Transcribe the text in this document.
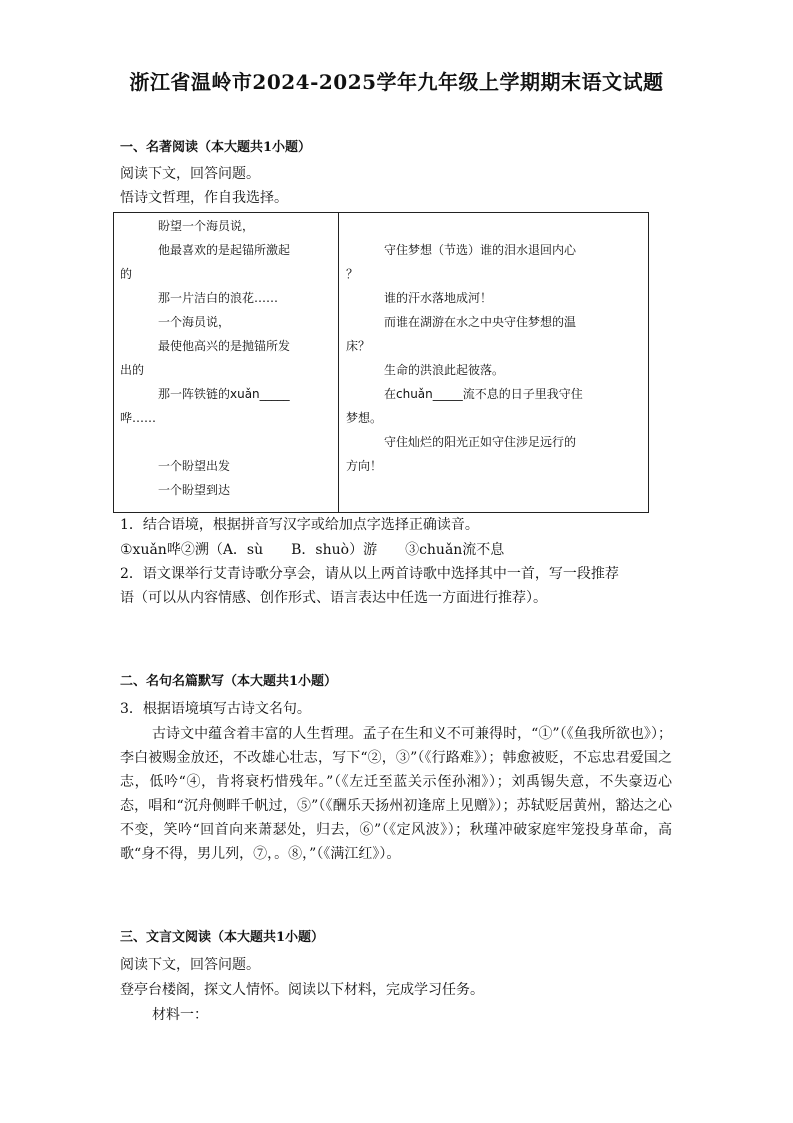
浙江省温岭市2024-2025学年九年级上学期期末语文试题
一、名著阅读（本大题共1小题）
阅读下文，回答问题。
悟诗文哲理，作自我选择。
盼望一个海员说，
他最喜欢的是起锚所激起
的
那一片洁白的浪花……
一个海员说，
最使他高兴的是抛锚所发
出的
那一阵铁链的xuǎn_____
哗……
一个盼望出发
一个盼望到达
守住梦想（节选）谁的泪水退回内心
？
谁的汗水落地成河！
而谁在湖游在水之中央守住梦想的温
床？
生命的洪浪此起彼落。
在chuǎn_____流不息的日子里我守住
梦想。
守住灿烂的阳光正如守住涉足远行的
方向！
1．结合语境，根据拼音写汉字或给加点字选择正确读音。
①xuǎn哗②溯（A．sù　　B．shuò）游　　③chuǎn流不息
2．语文课举行艾青诗歌分享会，请从以上两首诗歌中选择其中一首，写一段推荐
语（可以从内容情感、创作形式、语言表达中任选一方面进行推荐）。
二、名句名篇默写（本大题共1小题）
3．根据语境填写古诗文名句。
古诗文中蕴含着丰富的人生哲理。孟子在生和义不可兼得时，“①”（《鱼我所欲也》）；李白被赐金放还，不改雄心壮志，写下“②，③”（《行路难》）；韩愈被贬，不忘忠君爱国之志，低吟“④，肯将衰朽惜残年。”（《左迁至蓝关示侄孙湘》）；刘禹锡失意，不失豪迈心态，唱和“沉舟侧畔千帆过，⑤”（《酬乐天扬州初逢席上见赠》）；苏轼贬居黄州，豁达之心不变，笑吟“回首向来萧瑟处，归去，⑥”（《定风波》）；秋瑾冲破家庭牢笼投身革命，高歌“身不得，男儿列，⑦，。⑧，”（《满江红》）。
三、文言文阅读（本大题共1小题）
阅读下文，回答问题。
登亭台楼阁，探文人情怀。阅读以下材料，完成学习任务。
材料一：
